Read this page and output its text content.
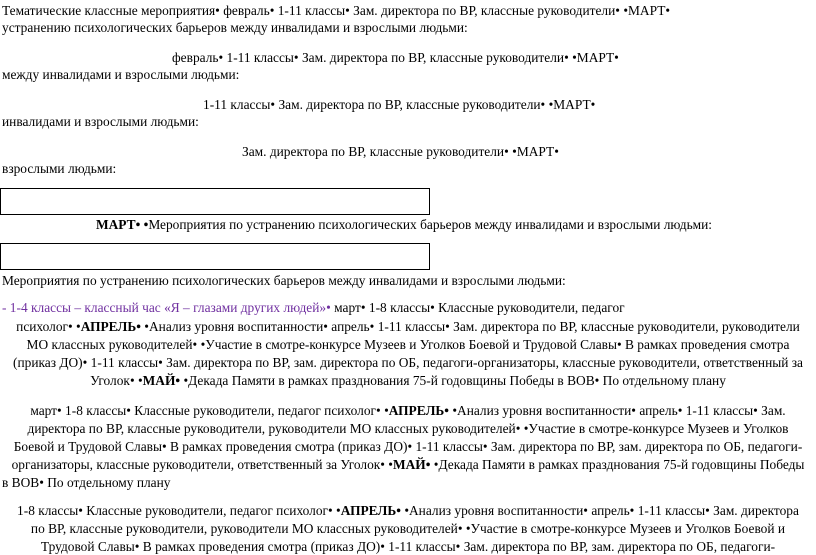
Тематические классные мероприятия• февраль• 1-11 классы• Зам. директора по ВР, классные руководители• •МАРТ•
устранению психологических барьеров между инвалидами и взрослыми людьми:
февраль• 1-11 классы• Зам. директора по ВР, классные руководители• •МАРТ•
между инвалидами и взрослыми людьми:
1-11 классы• Зам. директора по ВР, классные руководители• •МАРТ•
инвалидами и взрослыми людьми:
Зам. директора по ВР, классные руководители• •МАРТ•
взрослыми людьми:
МАРТ• •Мероприятия по устранению психологических барьеров между инвалидами и взрослыми людьми:
Мероприятия по устранению психологических барьеров между инвалидами и взрослыми людьми:
- 1-4 классы – классный час «Я – глазами других людей»• март• 1-8 классы• Классные руководители, педагог
психолог• •АПРЕЛЬ• •Анализ уровня воспитанности• апрель• 1-11 классы• Зам. директора по ВР, классные руководители, руководители
МО классных руководителей• •Участие в смотре-конкурсе Музеев и Уголков Боевой и Трудовой Славы• В рамках проведения смотра
(приказ ДО)• 1-11 классы• Зам. директора по ВР, зам. директора по ОБ, педагоги-организаторы, классные руководители, ответственный за
Уголок• •МАЙ• •Декада Памяти в рамках празднования 75-й годовщины Победы в ВОВ• По отдельному плану
март• 1-8 классы• Классные руководители, педагог психолог• •АПРЕЛЬ• •Анализ уровня воспитанности• апрель• 1-11 классы• Зам.
директора по ВР, классные руководители, руководители МО классных руководителей• •Участие в смотре-конкурсе Музеев и Уголков
Боевой и Трудовой Славы• В рамках проведения смотра (приказ ДО)• 1-11 классы• Зам. директора по ВР, зам. директора по ОБ, педагоги-
организаторы, классные руководители, ответственный за Уголок• •МАЙ• •Декада Памяти в рамках празднования 75-й годовщины Победы
в ВОВ• По отдельному плану
1-8 классы• Классные руководители, педагог психолог• •АПРЕЛЬ• •Анализ уровня воспитанности• апрель• 1-11 классы• Зам. директора
по ВР, классные руководители, руководители МО классных руководителей• •Участие в смотре-конкурсе Музеев и Уголков Боевой и
Трудовой Славы• В рамках проведения смотра (приказ ДО)• 1-11 классы• Зам. директора по ВР, зам. директора по ОБ, педагоги-
